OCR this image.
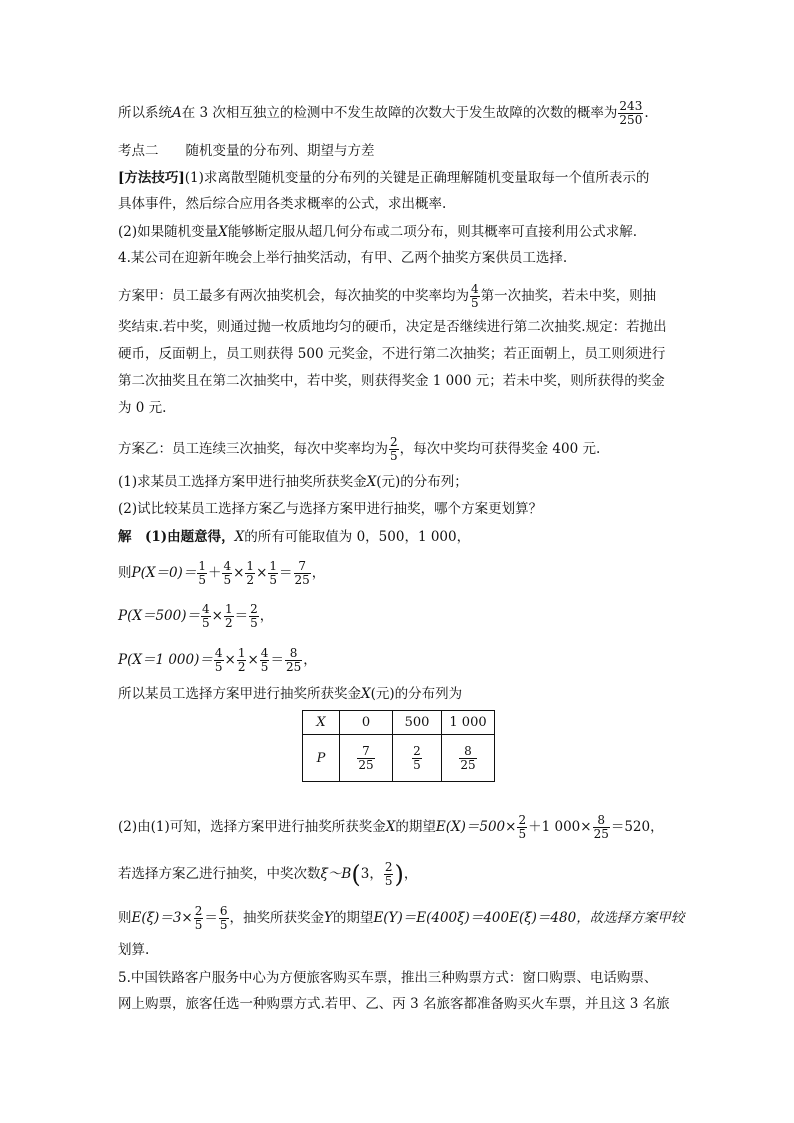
所以系统A在 3 次相互独立的检测中不发生故障的次数大于发生故障的次数的概率为 $\frac{243}{250}$ .
考点二　　随机变量的分布列、期望与方差
[方法技巧](1)求离散型随机变量的分布列的关键是正确理解随机变量取每一个值所表示的
具体事件，然后综合应用各类求概率的公式，求出概率.
(2)如果随机变量X能够断定服从超几何分布或二项分布，则其概率可直接利用公式求解.
4.某公司在迎新年晚会上举行抽奖活动，有甲、乙两个抽奖方案供员工选择.
方案甲：员工最多有两次抽奖机会，每次抽奖的中奖率均为 $\frac{4}{5}$ 第一次抽奖，若未中奖，则抽
奖结束.若中奖，则通过抛一枚质地均匀的硬币，决定是否继续进行第二次抽奖.规定：若抛出
硬币，反面朝上，员工则获得 500 元奖金，不进行第二次抽奖；若正面朝上，员工则须进行
第二次抽奖且在第二次抽奖中，若中奖，则获得奖金 1 000 元；若未中奖，则所获得的奖金
为 0 元.
方案乙：员工连续三次抽奖，每次中奖率均为 $\frac{2}{5}$ ，每次中奖均可获得奖金 400 元.
(1)求某员工选择方案甲进行抽奖所获奖金X(元)的分布列；
(2)试比较某员工选择方案乙与选择方案甲进行抽奖，哪个方案更划算？
解　(1)由题意得，X的所有可能取值为 0，500，1 000，
则$P(X=0)= \frac{1}{5} + \frac{4}{5} \times \frac{1}{2} \times \frac{1}{5} = \frac{7}{25}$ ，
$P(X=500)= \frac{4}{5} \times \frac{1}{2} = \frac{2}{5}$ ，
P(X＝1 $000)= \frac{4}{5} \times \frac{1}{2} \times \frac{4}{5} = \frac{8}{25}$ ，
所以某员工选择方案甲进行抽奖所获奖金X(元)的分布列为
X	0	500	1 000
P	$\frac{7}{25}$	$\frac{2}{5}$	$\frac{8}{25}$
(2)由(1)可知，选择方案甲进行抽奖所获奖金X的期望$E(X)=500\times \frac{2}{5} +1$ $000\times \frac{8}{25} =520$，
若选择方案乙进行抽奖，中奖次数ξ～B(3， $\frac{2}{5}$ )，
则$E(\xi)=3\times \frac{2}{5} = \frac{6}{5}$ ，抽奖所获奖金Y的期望E(Y)＝E(400ξ)＝400E(ξ)＝480，故选择方案甲较
划算.
5.中国铁路客户服务中心为方便旅客购买车票，推出三种购票方式：窗口购票、电话购票、
网上购票，旅客任选一种购票方式.若甲、乙、丙 3 名旅客都准备购买火车票，并且这 3 名旅
